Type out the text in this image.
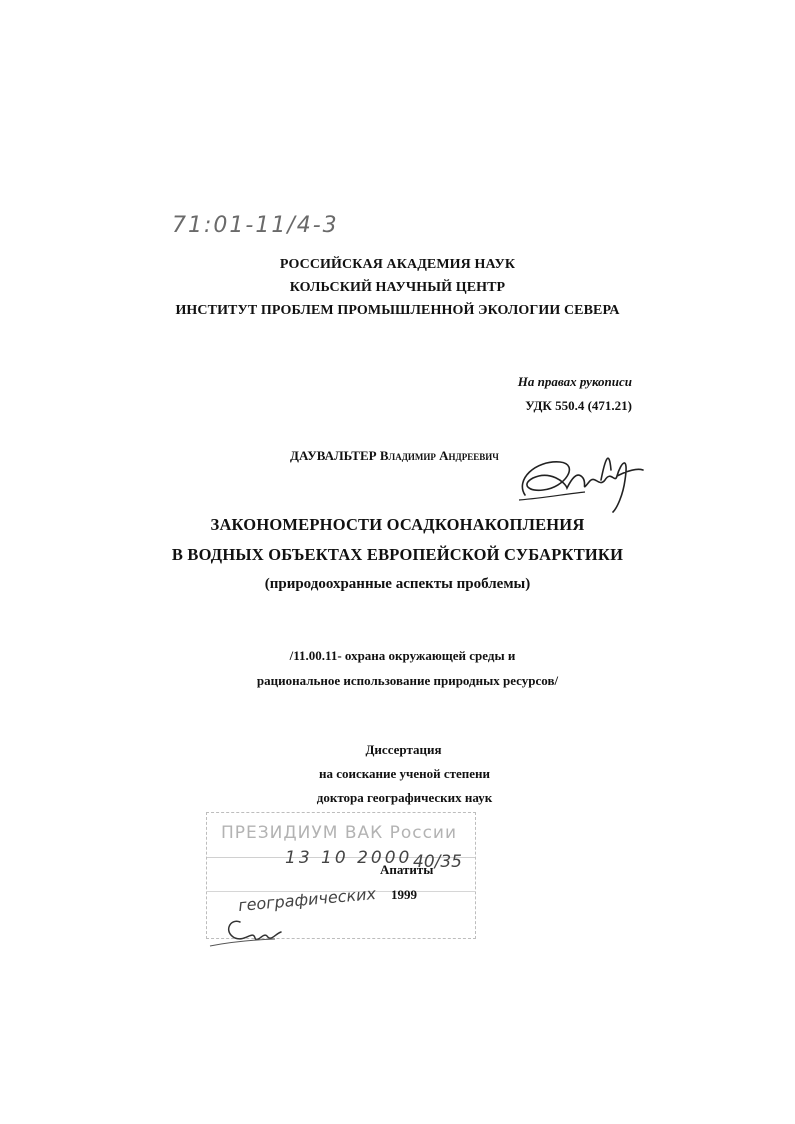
71:01-11/4-3
РОССИЙСКАЯ АКАДЕМИЯ НАУК
КОЛЬСКИЙ НАУЧНЫЙ ЦЕНТР
ИНСТИТУТ ПРОБЛЕМ ПРОМЫШЛЕННОЙ ЭКОЛОГИИ СЕВЕРА
На правах рукописи
УДК 550.4 (471.21)
ДАУВАЛЬТЕР Владимир Андреевич
ЗАКОНОМЕРНОСТИ ОСАДКОНАКОПЛЕНИЯ
В ВОДНЫХ ОБЪЕКТАХ ЕВРОПЕЙСКОЙ СУБАРКТИКИ
(природоохранные аспекты проблемы)
/11.00.11- охрана окружающей среды и
рациональное использование природных ресурсов/
Диссертация
на соискание ученой степени
доктора географических наук
ПРЕЗИДИУМ ВАК России
13 10 2000 40/35
географических
Апатиты
1999
